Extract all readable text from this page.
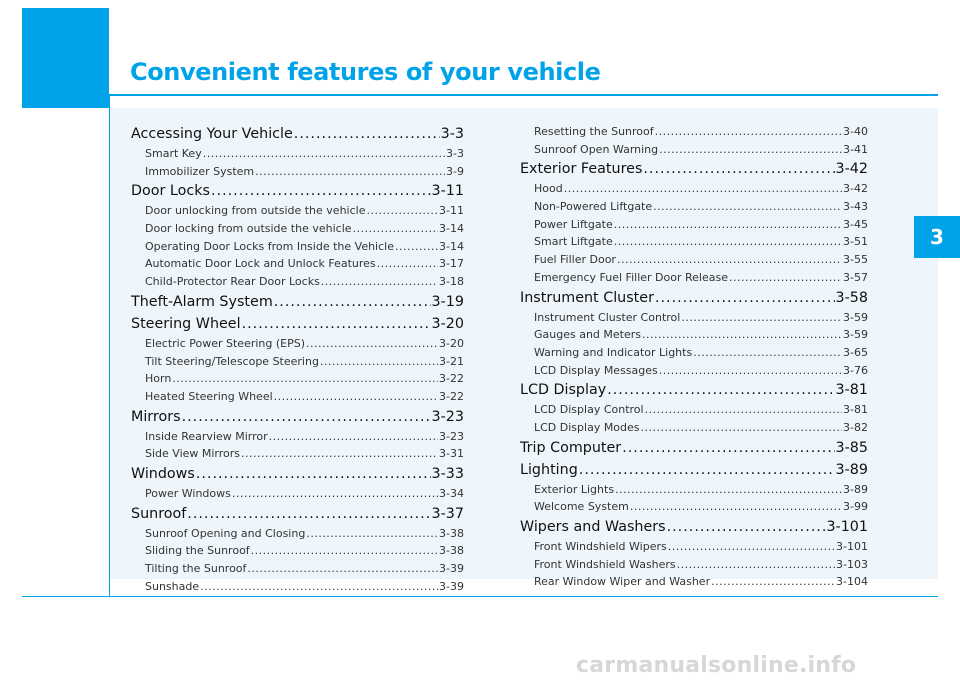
Convenient features of your vehicle
3
Accessing Your Vehicle .....	3-3
Smart Key .....	3-3
Immobilizer System .....	3-9
Door Locks .....	3-11
Door unlocking from outside the vehicle .....	3-11
Door locking from outside the vehicle .....	3-14
Operating Door Locks from Inside the Vehicle .....	3-14
Automatic Door Lock and Unlock Features .....	3-17
Child-Protector Rear Door Locks .....	3-18
Theft-Alarm System .....	3-19
Steering Wheel .....	3-20
Electric Power Steering (EPS) .....	3-20
Tilt Steering/Telescope Steering .....	3-21
Horn .....	3-22
Heated Steering Wheel .....	3-22
Mirrors .....	3-23
Inside Rearview Mirror .....	3-23
Side View Mirrors .....	3-31
Windows .....	3-33
Power Windows .....	3-34
Sunroof .....	3-37
Sunroof Opening and Closing .....	3-38
Sliding the Sunroof .....	3-38
Tilting the Sunroof .....	3-39
Sunshade .....	3-39
Resetting the Sunroof .....	3-40
Sunroof Open Warning .....	3-41
Exterior Features .....	3-42
Hood .....	3-42
Non-Powered Liftgate .....	3-43
Power Liftgate .....	3-45
Smart Liftgate .....	3-51
Fuel Filler Door .....	3-55
Emergency Fuel Filler Door Release .....	3-57
Instrument Cluster .....	3-58
Instrument Cluster Control .....	3-59
Gauges and Meters .....	3-59
Warning and Indicator Lights .....	3-65
LCD Display Messages .....	3-76
LCD Display .....	3-81
LCD Display Control .....	3-81
LCD Display Modes .....	3-82
Trip Computer .....	3-85
Lighting .....	3-89
Exterior Lights .....	3-89
Welcome System .....	3-99
Wipers and Washers .....	3-101
Front Windshield Wipers .....	3-101
Front Windshield Washers .....	3-103
Rear Window Wiper and Washer .....	3-104
carmanualsonline.info
